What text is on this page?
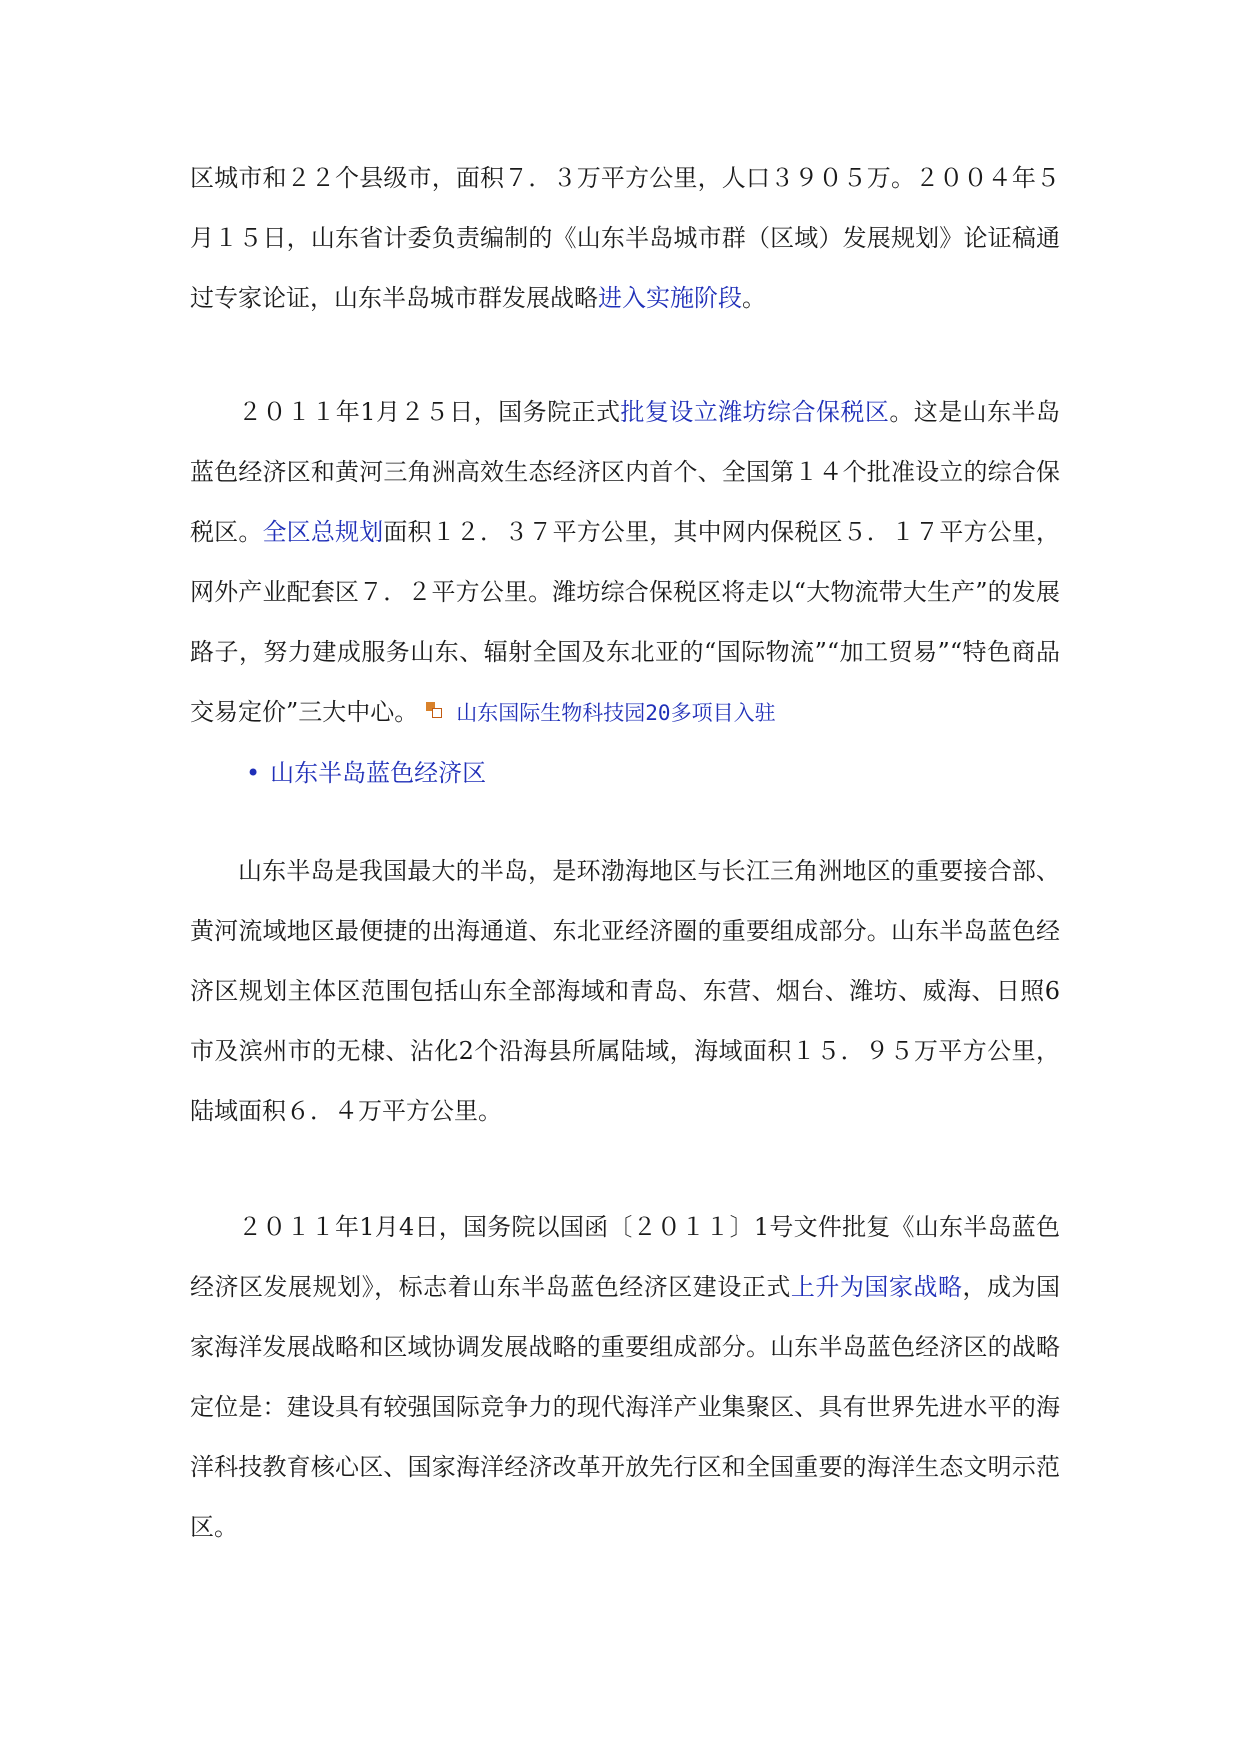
区城市和２２个县级市，面积７．３万平方公里，人口３９０５万。２００４年５月１５日，山东省计委负责编制的《山东半岛城市群（区域）发展规划》论证稿通过专家论证，山东半岛城市群发展战略进入实施阶段。

２０１１年1月２５日，国务院正式批复设立潍坊综合保税区。这是山东半岛蓝色经济区和黄河三角洲高效生态经济区内首个、全国第１４个批准设立的综合保税区。全区总规划面积１２．３７平方公里，其中网内保税区５．１７平方公里，网外产业配套区７．２平方公里。潍坊综合保税区将走以“大物流带大生产”的发展路子，努力建成服务山东、辐射全国及东北亚的“国际物流”“加工贸易”“特色商品交易定价”三大中心。 山东国际生物科技园20多项目入驻

• 山东半岛蓝色经济区

山东半岛是我国最大的半岛，是环渤海地区与长江三角洲地区的重要接合部、黄河流域地区最便捷的出海通道、东北亚经济圈的重要组成部分。山东半岛蓝色经济区规划主体区范围包括山东全部海域和青岛、东营、烟台、潍坊、威海、日照6市及滨州市的无棣、沾化2个沿海县所属陆域，海域面积１５．９５万平方公里，陆域面积６．４万平方公里。

２０１１年1月4日，国务院以国函〔２０１１〕1号文件批复《山东半岛蓝色经济区发展规划》，标志着山东半岛蓝色经济区建设正式上升为国家战略，成为国家海洋发展战略和区域协调发展战略的重要组成部分。山东半岛蓝色经济区的战略定位是：建设具有较强国际竞争力的现代海洋产业集聚区、具有世界先进水平的海洋科技教育核心区、国家海洋经济改革开放先行区和全国重要的海洋生态文明示范区。
